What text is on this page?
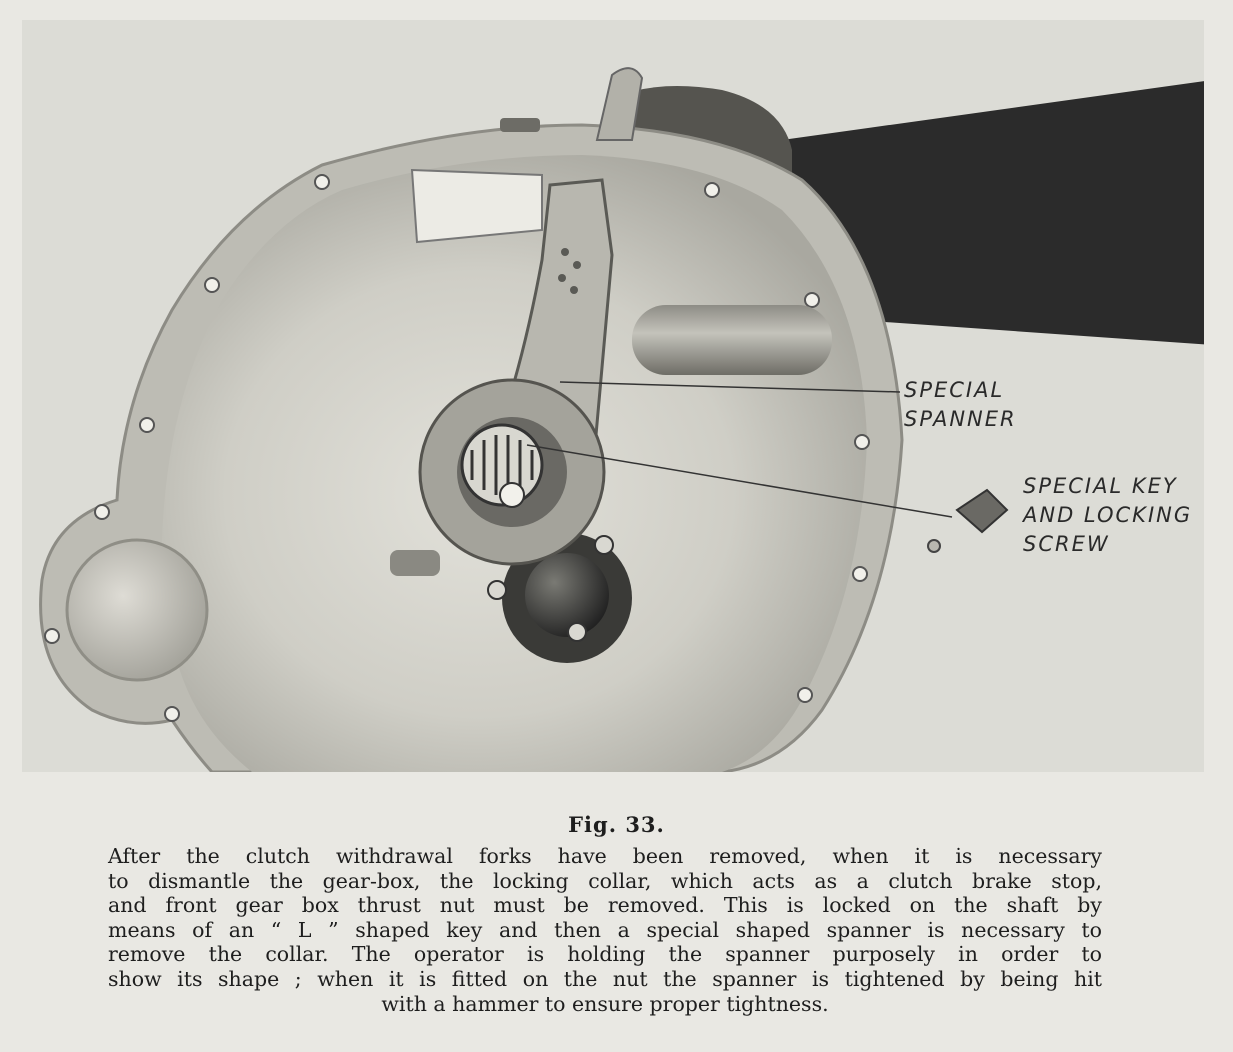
SPECIAL
SPANNER
SPECIAL KEY
AND LOCKING
SCREW
Fig. 33.
After the clutch withdrawal forks have been removed, when it is necessary
to dismantle the gear-box, the locking collar, which acts as a clutch brake stop,
and front gear box thrust nut must be removed. This is locked on the shaft by
means of an “ L ” shaped key and then a special shaped spanner is necessary to
remove the collar. The operator is holding the spanner purposely in order to
show its shape ; when it is fitted on the nut the spanner is tightened by being hit
with a hammer to ensure proper tightness.
